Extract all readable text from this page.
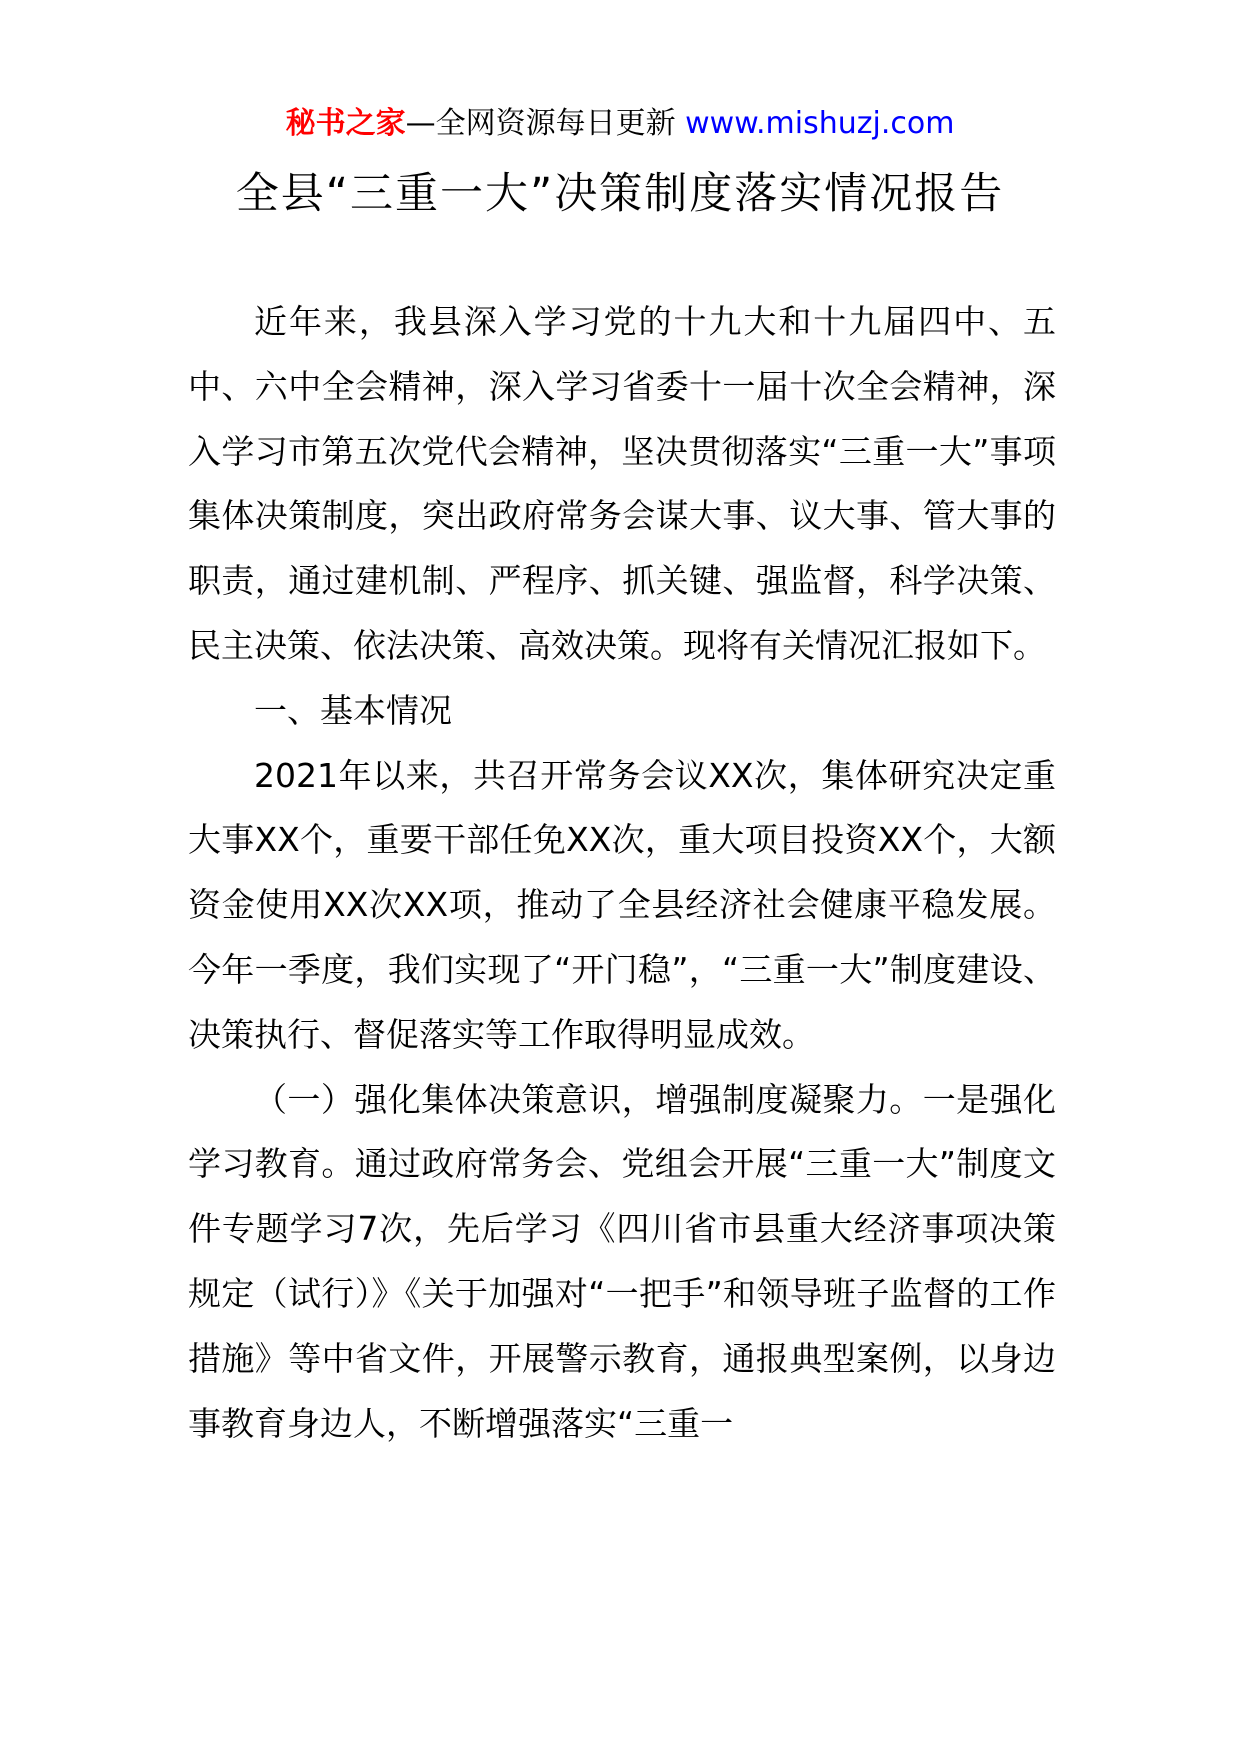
秘书之家—全网资源每日更新 www.mishuzj.com
全县“三重一大”决策制度落实情况报告

近年来，我县深入学习党的十九大和十九届四中、五中、六中全会精神，深入学习省委十一届十次全会精神，深入学习市第五次党代会精神，坚决贯彻落实“三重一大”事项集体决策制度，突出政府常务会谋大事、议大事、管大事的职责，通过建机制、严程序、抓关键、强监督，科学决策、民主决策、依法决策、高效决策。现将有关情况汇报如下。

一、基本情况

2021年以来，共召开常务会议XX次，集体研究决定重大事XX个，重要干部任免XX次，重大项目投资XX个，大额资金使用XX次XX项，推动了全县经济社会健康平稳发展。今年一季度，我们实现了“开门稳”，“三重一大”制度建设、决策执行、督促落实等工作取得明显成效。

（一）强化集体决策意识，增强制度凝聚力。一是强化学习教育。通过政府常务会、党组会开展“三重一大”制度文件专题学习7次，先后学习《四川省市县重大经济事项决策规定（试行）》《关于加强对“一把手”和领导班子监督的工作措施》等中省文件，开展警示教育，通报典型案例，以身边事教育身边人，不断增强落实“三重一
